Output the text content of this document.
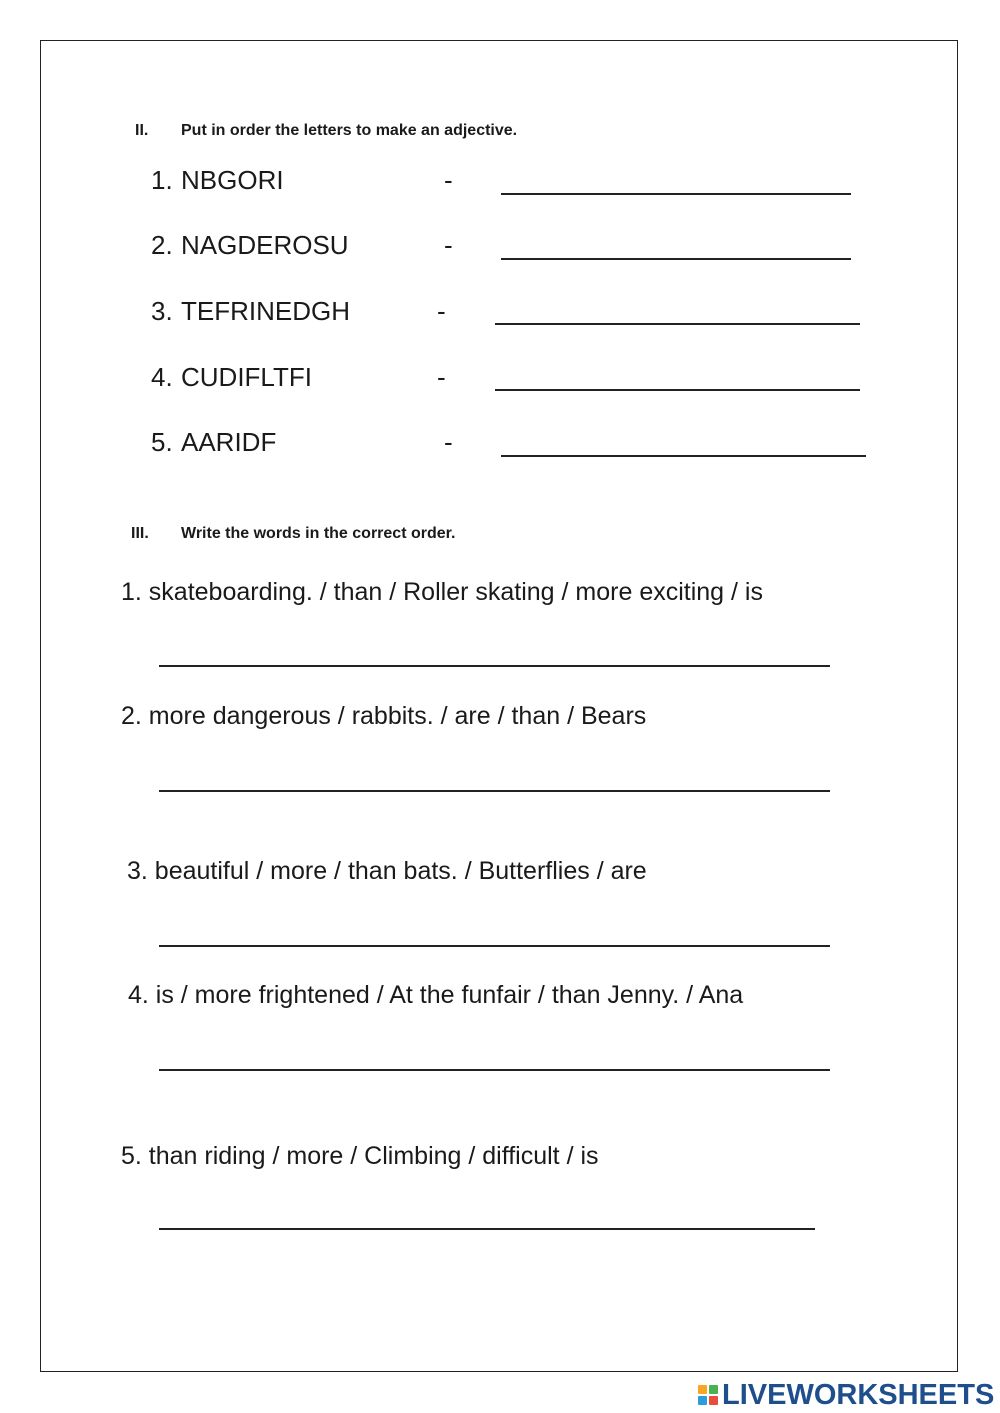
II. Put in order the letters to make an adjective.
1. NBGORI	-
2. NAGDEROSU	-
3. TEFRINEDGH	-
4. CUDIFLTFI	-
5. AARIDF	-
III. Write the words in the correct order.
1. skateboarding. / than / Roller skating / more exciting / is
2. more dangerous / rabbits. / are / than / Bears
3. beautiful / more / than bats. / Butterflies / are
4. is / more frightened / At the funfair / than Jenny. / Ana
5. than riding / more / Climbing / difficult / is
LIVEWORKSHEETS
